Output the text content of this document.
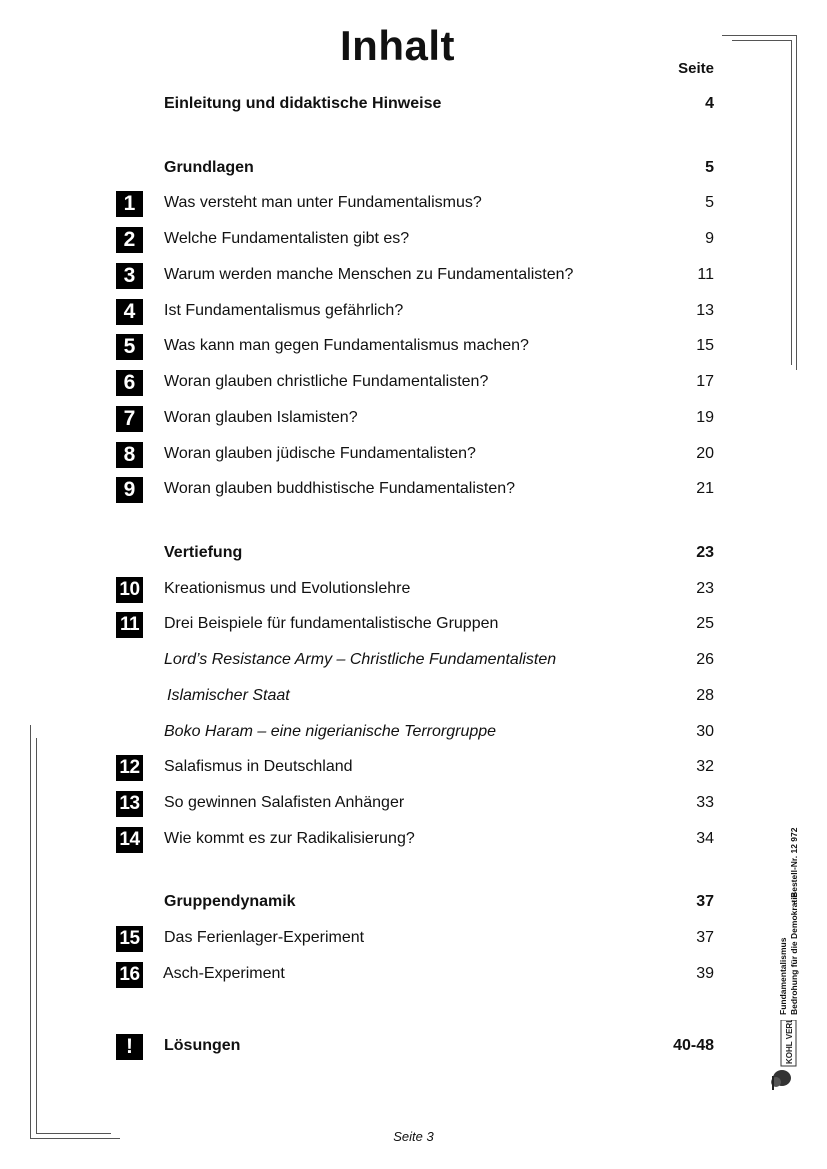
Inhalt	Seite
Einleitung und didaktische Hinweise	4
Grundlagen	5
1	Was versteht man unter Fundamentalismus?	5
2	Welche Fundamentalisten gibt es?	9
3	Warum werden manche Menschen zu Fundamentalisten?	11
4	Ist Fundamentalismus gefährlich?	13
5	Was kann man gegen Fundamentalismus machen?	15
6	Woran glauben christliche Fundamentalisten?	17
7	Woran glauben Islamisten?	19
8	Woran glauben jüdische Fundamentalisten?	20
9	Woran glauben buddhistische Fundamentalisten?	21
Vertiefung	23
10 Kreationismus und Evolutionslehre	23
11 Drei Beispiele für fundamentalistische Gruppen	25
Lord’s Resistance Army – Christliche Fundamentalisten	26
Islamischer Staat	28
Boko Haram – eine nigerianische Terrorgruppe	30
12 Salafismus in Deutschland	32
13 So gewinnen Salafisten Anhänger	33
14 Wie kommt es zur Radikalisierung?	34
Gruppendynamik	37
15 Das Ferienlager-Experiment	37
16 Asch-Experiment	39
!	Lösungen	40-48
– Bestell-Nr. 12 972
Fundamentalismus Bedrohung für die Demokratie
KOHL VERLAG
Seite 3
